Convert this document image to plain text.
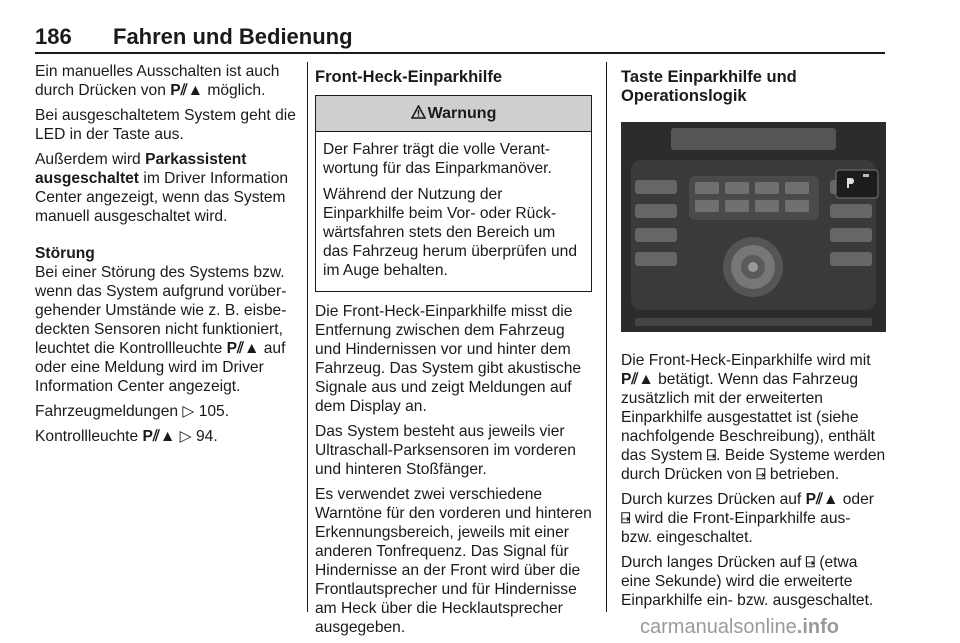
186 Fahren und Bedienung

Ein manuelles Ausschalten ist auch durch Drücken von P⫽▲ möglich.

Bei ausgeschaltetem System geht die LED in der Taste aus.

Außerdem wird Parkassistent ausgeschaltet im Driver Information Center angezeigt, wenn das System manuell ausgeschaltet wird.

Störung

Bei einer Störung des Systems bzw. wenn das System aufgrund vorübergehender Umstände wie z. B. eisbedeckten Sensoren nicht funktioniert, leuchtet die Kontrollleuchte P⫽▲ auf oder eine Meldung wird im Driver Information Center angezeigt.

Fahrzeugmeldungen ▷ 105.

Kontrollleuchte P⫽▲ ▷ 94.

Front-Heck-Einparkhilfe
Warnung

Der Fahrer trägt die volle Verantwortung für das Einparkmanöver.

Während der Nutzung der Einparkhilfe beim Vor- oder Rückwärtsfahren stets den Bereich um das Fahrzeug herum überprüfen und im Auge behalten.

Die Front-Heck-Einparkhilfe misst die Entfernung zwischen dem Fahrzeug und Hindernissen vor und hinter dem Fahrzeug. Das System gibt akustische Signale aus und zeigt Meldungen auf dem Display an.

Das System besteht aus jeweils vier Ultraschall-Parksensoren im vorderen und hinteren Stoßfänger.

Es verwendet zwei verschiedene Warntöne für den vorderen und hinteren Erkennungsbereich, jeweils mit einer anderen Tonfrequenz. Das Signal für Hindernisse an der Front wird über die Frontlautsprecher und für Hindernisse am Heck über die Hecklautsprecher ausgegeben.

Taste Einparkhilfe und Operationslogik

Die Front-Heck-Einparkhilfe wird mit P⫽▲ betätigt. Wenn das Fahrzeug zusätzlich mit der erweiterten Einparkhilfe ausgestattet ist (siehe nachfolgende Beschreibung), enthält das System ⍈. Beide Systeme werden durch Drücken von ⍈ betrieben.

Durch kurzes Drücken auf P⫽▲ oder ⍈ wird die Front-Einparkhilfe aus- bzw. eingeschaltet.

Durch langes Drücken auf ⍈ (etwa eine Sekunde) wird die erweiterte Einparkhilfe ein- bzw. ausgeschaltet.

carmanualsonline.info
